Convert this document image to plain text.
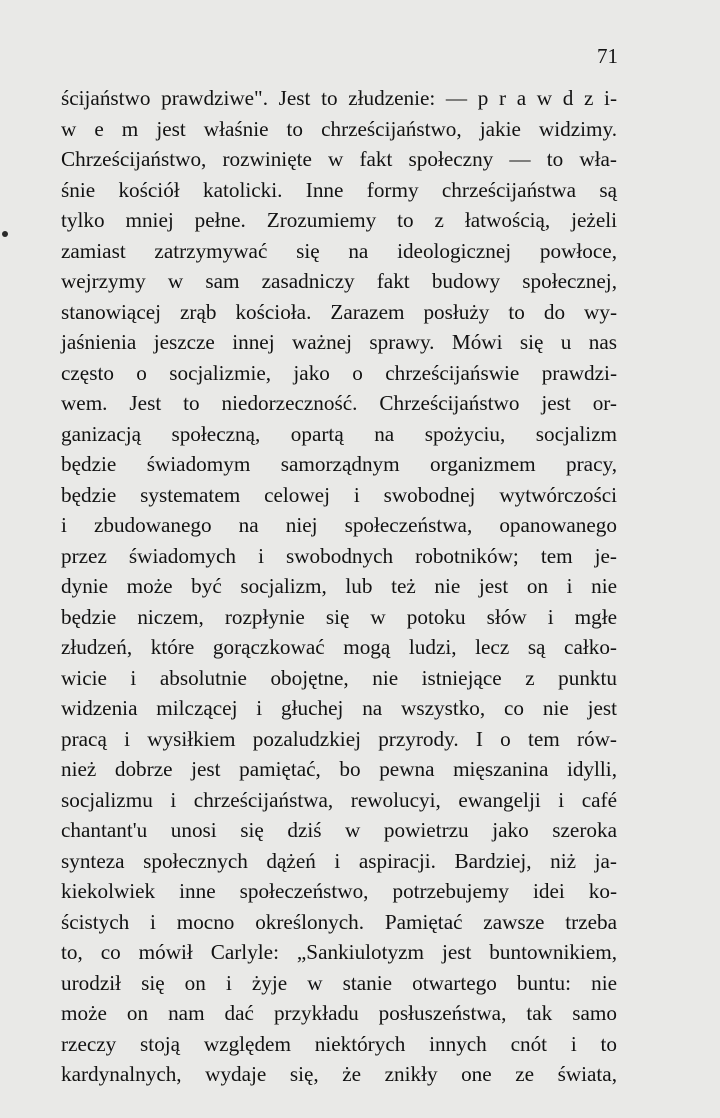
71
ścijaństwo prawdziwe". Jest to złudzenie: — p r a w d z i-
w e m jest właśnie to chrześcijaństwo, jakie widzimy.
Chrześcijaństwo, rozwinięte w fakt społeczny — to wła-
śnie kościół katolicki. Inne formy chrześcijaństwa są
tylko mniej pełne. Zrozumiemy to z łatwością, jeżeli
zamiast zatrzymywać się na ideologicznej powłoce,
wejrzymy w sam zasadniczy fakt budowy społecznej,
stanowiącej zrąb kościoła. Zarazem posłuży to do wy-
jaśnienia jeszcze innej ważnej sprawy. Mówi się u nas
często o socjalizmie, jako o chrześcijańswie prawdzi-
wem. Jest to niedorzeczność. Chrześcijaństwo jest or-
ganizacją społeczną, opartą na spożyciu, socjalizm
będzie świadomym samorządnym organizmem pracy,
będzie systematem celowej i swobodnej wytwórczości
i zbudowanego na niej społeczeństwa, opanowanego
przez świadomych i swobodnych robotników; tem je-
dynie może być socjalizm, lub też nie jest on i nie
będzie niczem, rozpłynie się w potoku słów i mgłe
złudzeń, które gorączkować mogą ludzi, lecz są całko-
wicie i absolutnie obojętne, nie istniejące z punktu
widzenia milczącej i głuchej na wszystko, co nie jest
pracą i wysiłkiem pozaludzkiej przyrody. I o tem rów-
nież dobrze jest pamiętać, bo pewna mięszanina idylli,
socjalizmu i chrześcijaństwa, rewolucyi, ewangelji i café
chantant'u unosi się dziś w powietrzu jako szeroka
synteza społecznych dążeń i aspiracji. Bardziej, niż ja-
kiekolwiek inne społeczeństwo, potrzebujemy idei ko-
ścistych i mocno określonych. Pamiętać zawsze trzeba
to, co mówił Carlyle: „Sankiulotyzm jest buntownikiem,
urodził się on i żyje w stanie otwartego buntu: nie
może on nam dać przykładu posłuszeństwa, tak samo
rzeczy stoją względem niektórych innych cnót i to
kardynalnych, wydaje się, że znikły one ze świata,
